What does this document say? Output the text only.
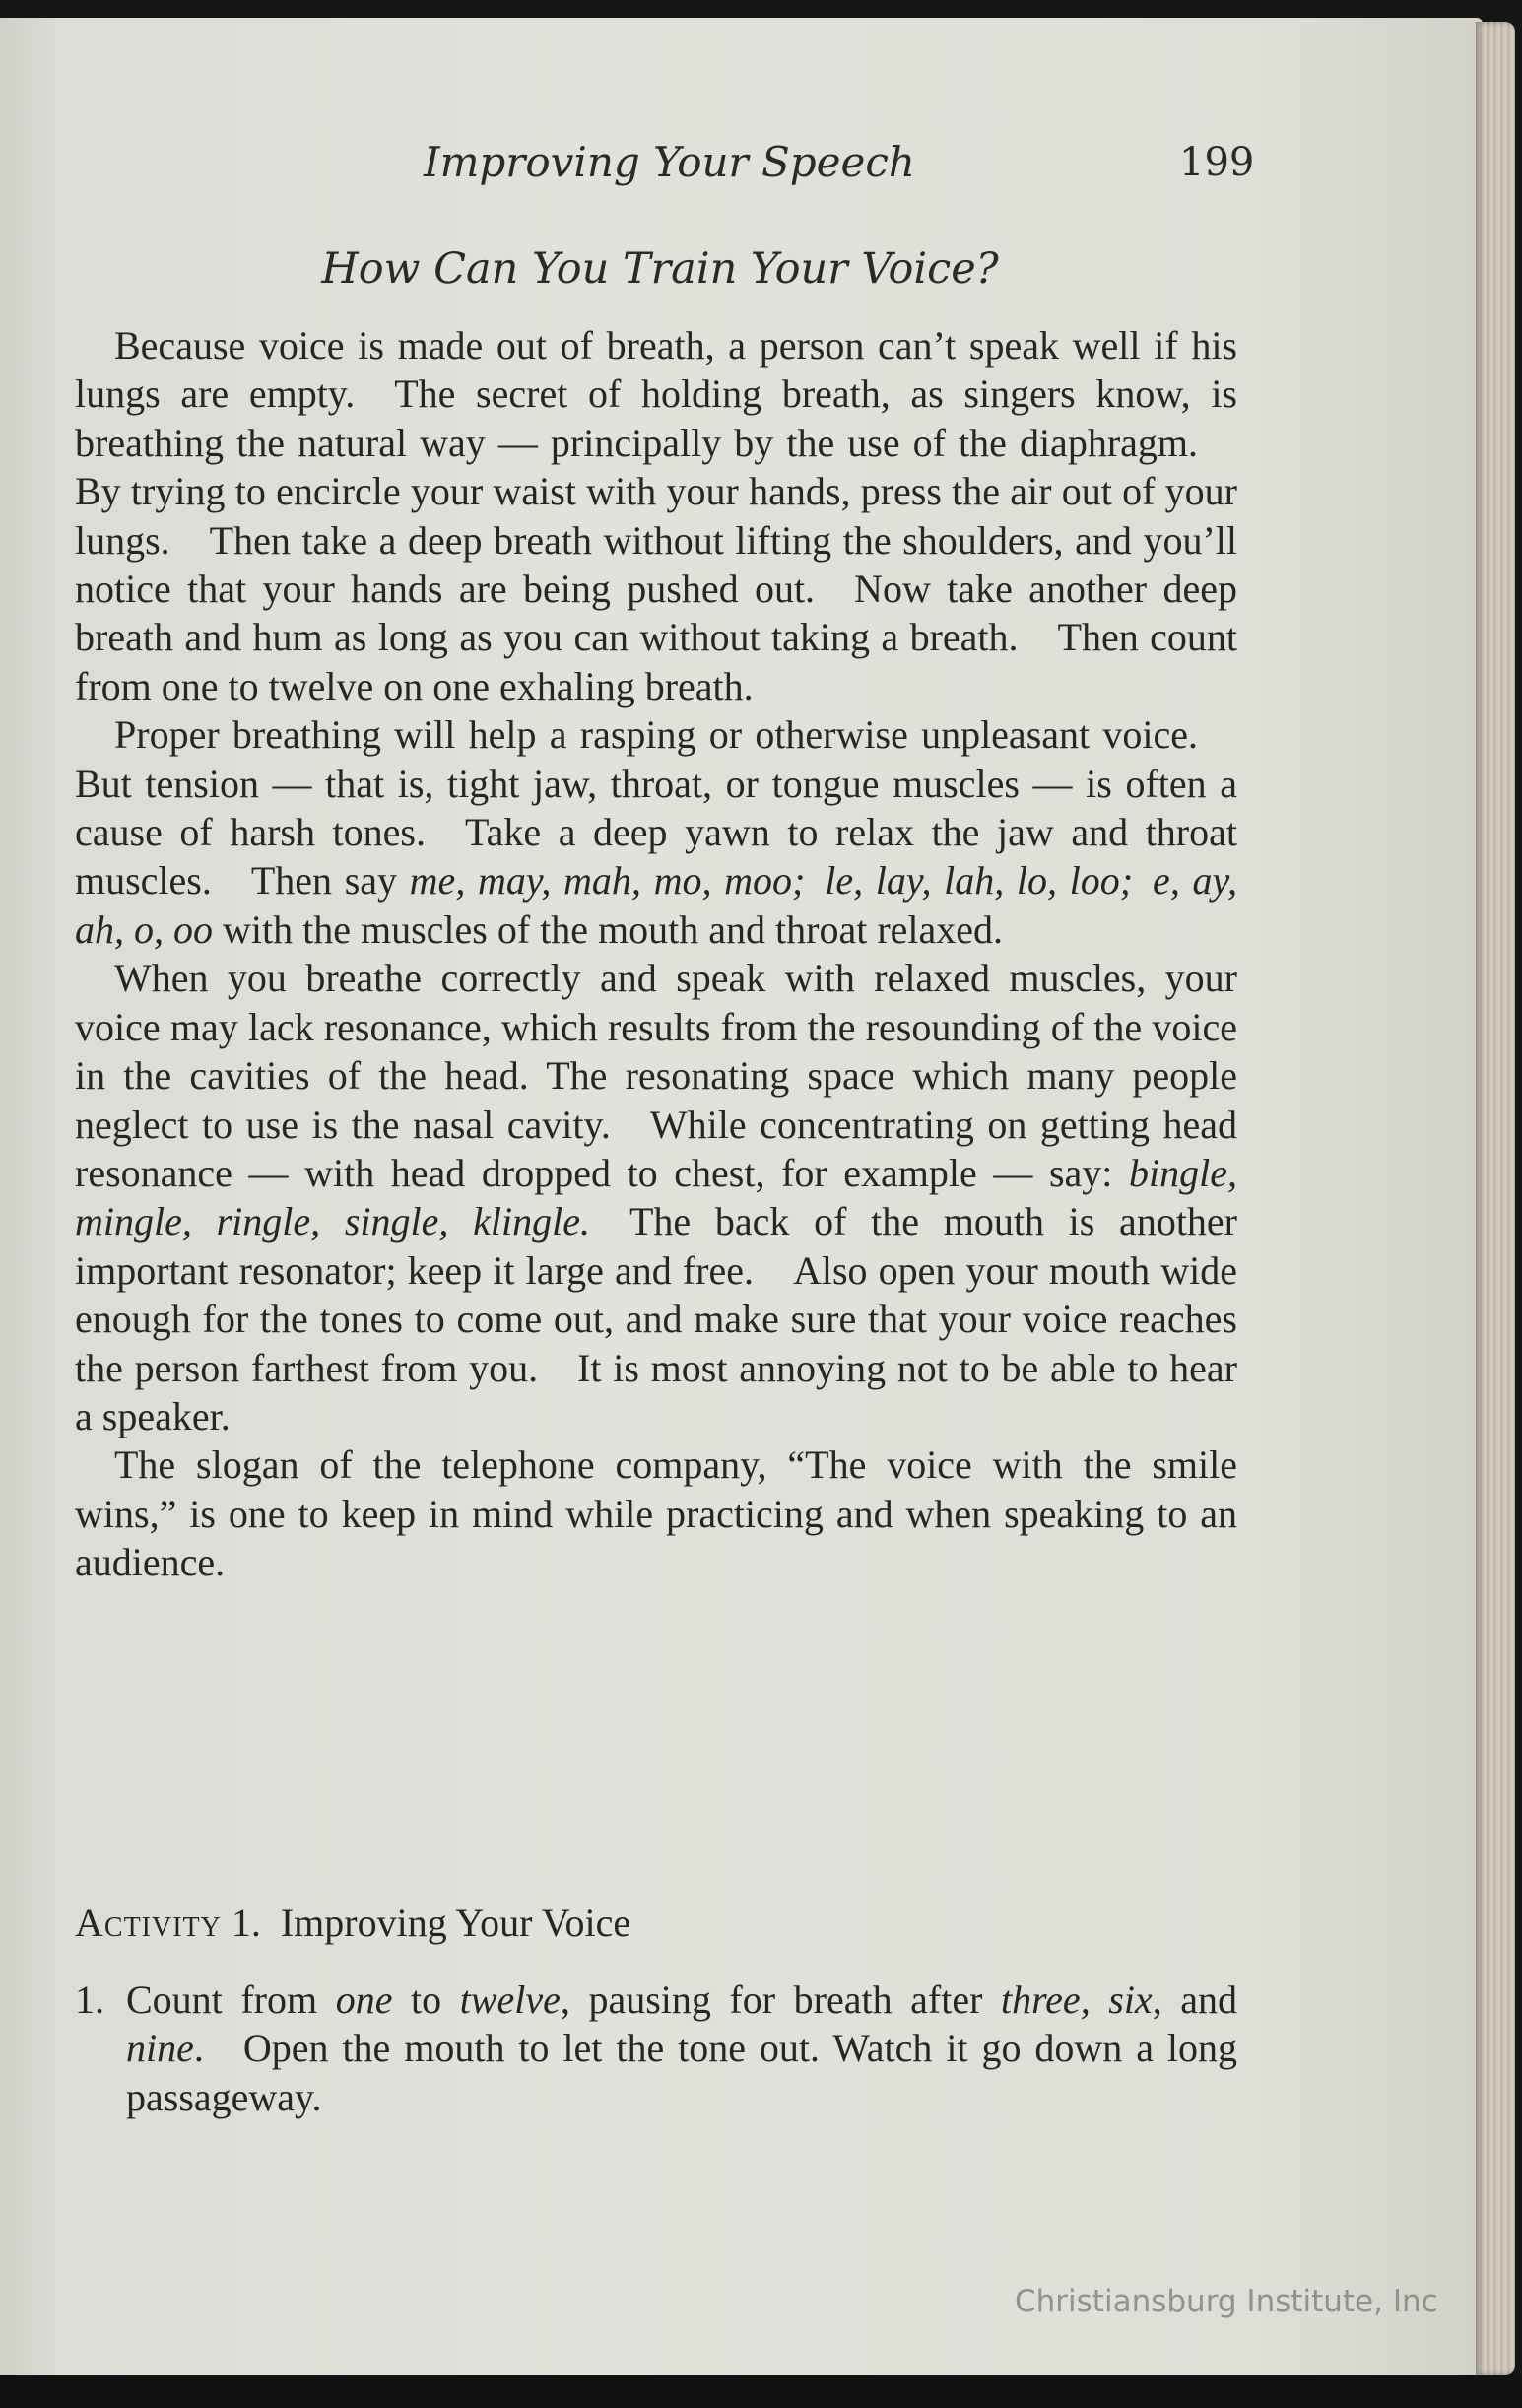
Improving Your Speech	199
How Can You Train Your Voice?

Because voice is made out of breath, a person can’t speak well if his lungs are empty. The secret of holding breath, as singers know, is breathing the natural way — principally by the use of the diaphragm. By trying to encircle your waist with your hands, press the air out of your lungs. Then take a deep breath without lifting the shoulders, and you’ll notice that your hands are being pushed out. Now take another deep breath and hum as long as you can without taking a breath. Then count from one to twelve on one exhaling breath.

Proper breathing will help a rasping or otherwise unpleasant voice. But tension — that is, tight jaw, throat, or tongue muscles — is often a cause of harsh tones. Take a deep yawn to relax the jaw and throat muscles. Then say me, may, mah, mo, moo; le, lay, lah, lo, loo; e, ay, ah, o, oo with the muscles of the mouth and throat relaxed.

When you breathe correctly and speak with relaxed muscles, your voice may lack resonance, which results from the resounding of the voice in the cavities of the head. The resonating space which many people neglect to use is the nasal cavity. While concentrating on getting head resonance — with head dropped to chest, for example — say: bingle, mingle, ringle, single, klingle. The back of the mouth is another important resonator; keep it large and free. Also open your mouth wide enough for the tones to come out, and make sure that your voice reaches the person farthest from you. It is most annoying not to be able to hear a speaker.

The slogan of the telephone company, “The voice with the smile wins,” is one to keep in mind while practicing and when speaking to an audience.

Activity 1. Improving Your Voice
1. Count from one to twelve, pausing for breath after three, six, and nine. Open the mouth to let the tone out. Watch it go down a long passageway.
Christiansburg Institute, Inc
